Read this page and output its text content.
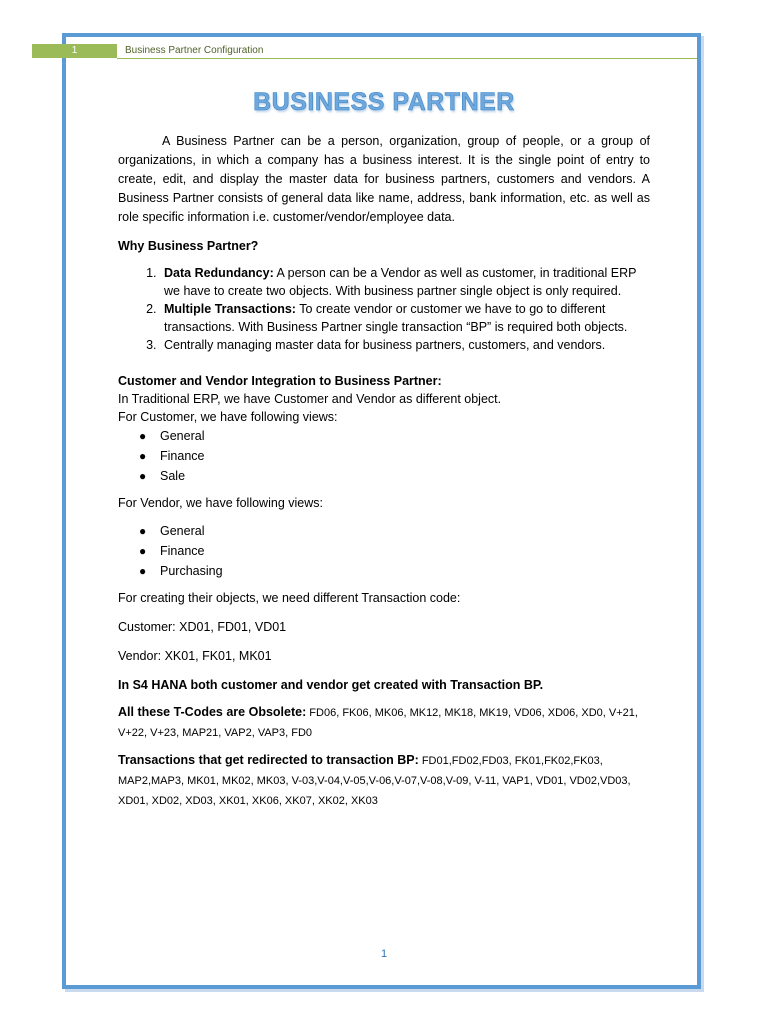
1	Business Partner Configuration
BUSINESS PARTNER

A Business Partner can be a person, organization, group of people, or a group of organizations, in which a company has a business interest. It is the single point of entry to create, edit, and display the master data for business partners, customers and vendors. A Business Partner consists of general data like name, address, bank information, etc. as well as role specific information i.e. customer/vendor/employee data.

Why Business Partner?

1. Data Redundancy: A person can be a Vendor as well as customer, in traditional ERP we have to create two objects. With business partner single object is only required.
2. Multiple Transactions: To create vendor or customer we have to go to different transactions. With Business Partner single transaction “BP” is required both objects.
3. Centrally managing master data for business partners, customers, and vendors.

Customer and Vendor Integration to Business Partner:

In Traditional ERP, we have Customer and Vendor as different object.

For Customer, we have following views:

● General
● Finance
● Sale

For Vendor, we have following views:

● General
● Finance
● Purchasing

For creating their objects, we need different Transaction code:

Customer: XD01, FD01, VD01

Vendor: XK01, FK01, MK01

In S4 HANA both customer and vendor get created with Transaction BP.

All these T-Codes are Obsolete: FD06, FK06, MK06, MK12, MK18, MK19, VD06, XD06, XD0, V+21, V+22, V+23, MAP21, VAP2, VAP3, FD0

Transactions that get redirected to transaction BP: FD01,FD02,FD03, FK01,FK02,FK03, MAP2,MAP3, MK01, MK02, MK03, V-03,V-04,V-05,V-06,V-07,V-08,V-09, V-11, VAP1, VD01, VD02,VD03, XD01, XD02, XD03, XK01, XK06, XK07, XK02, XK03

1
